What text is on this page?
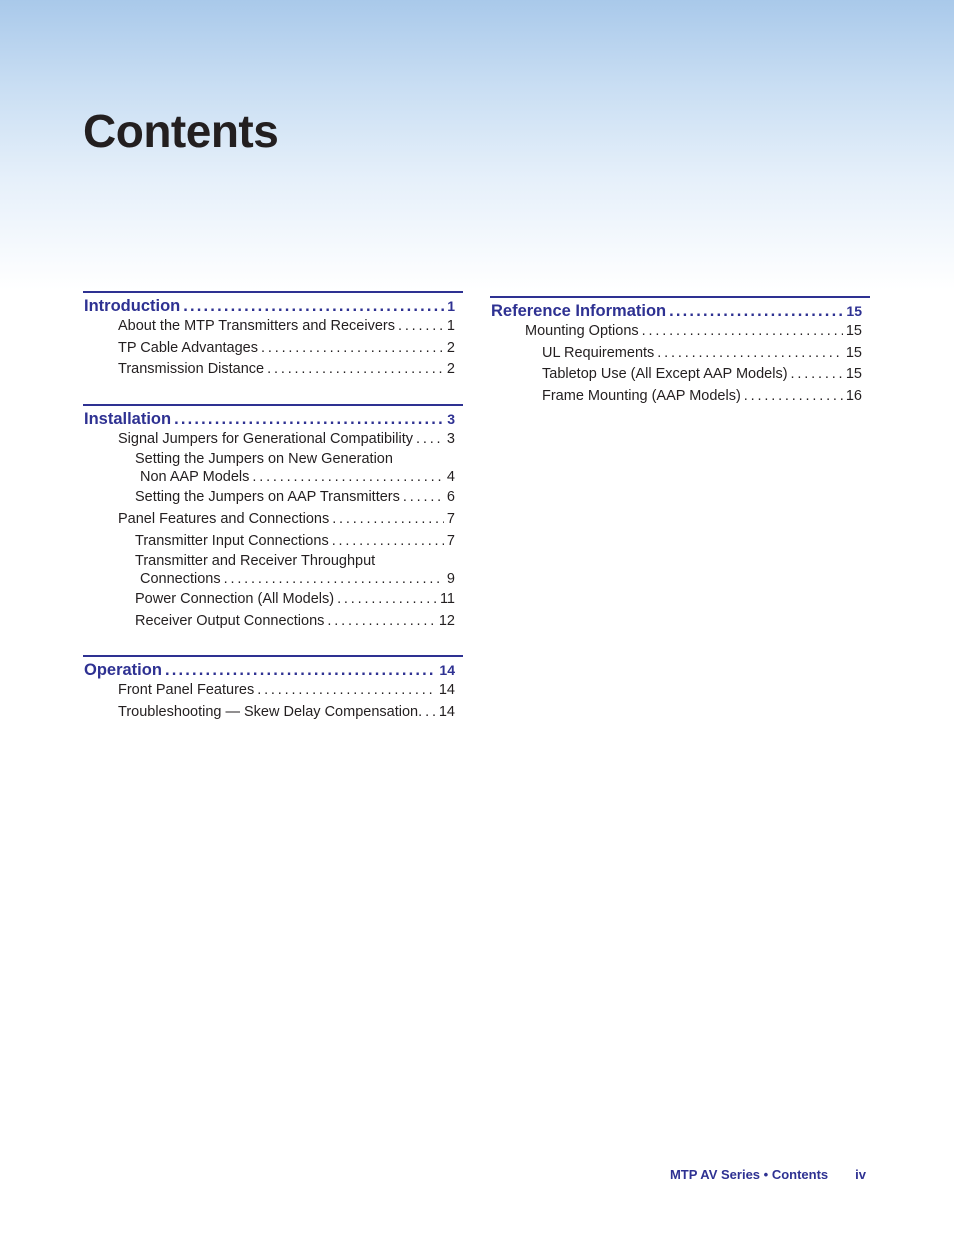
Contents
Introduction . . .	1
About the MTP Transmitters and Receivers . . .	1
TP Cable Advantages . . .	2
Transmission Distance . . .	2
Installation . . .	3
Signal Jumpers for Generational Compatibility . . . 3
Setting the Jumpers on New Generation
Non AAP Models . . .	4
Setting the Jumpers on AAP Transmitters . . .	6
Panel Features and Connections . . .	7
Transmitter Input Connections . . .	7
Transmitter and Receiver Throughput
Connections . . .	9
Power Connection (All Models) . . .	11
Receiver Output Connections . . .	12
Operation . . .	14
Front Panel Features . . .	14
Troubleshooting — Skew Delay Compensation. . . . 14
Reference Information . . .	15
Mounting Options . . .	15
UL Requirements . . .	15
Tabletop Use (All Except AAP Models) . . .	15
Frame Mounting (AAP Models) . . .	16
MTP AV Series • Contents iv
